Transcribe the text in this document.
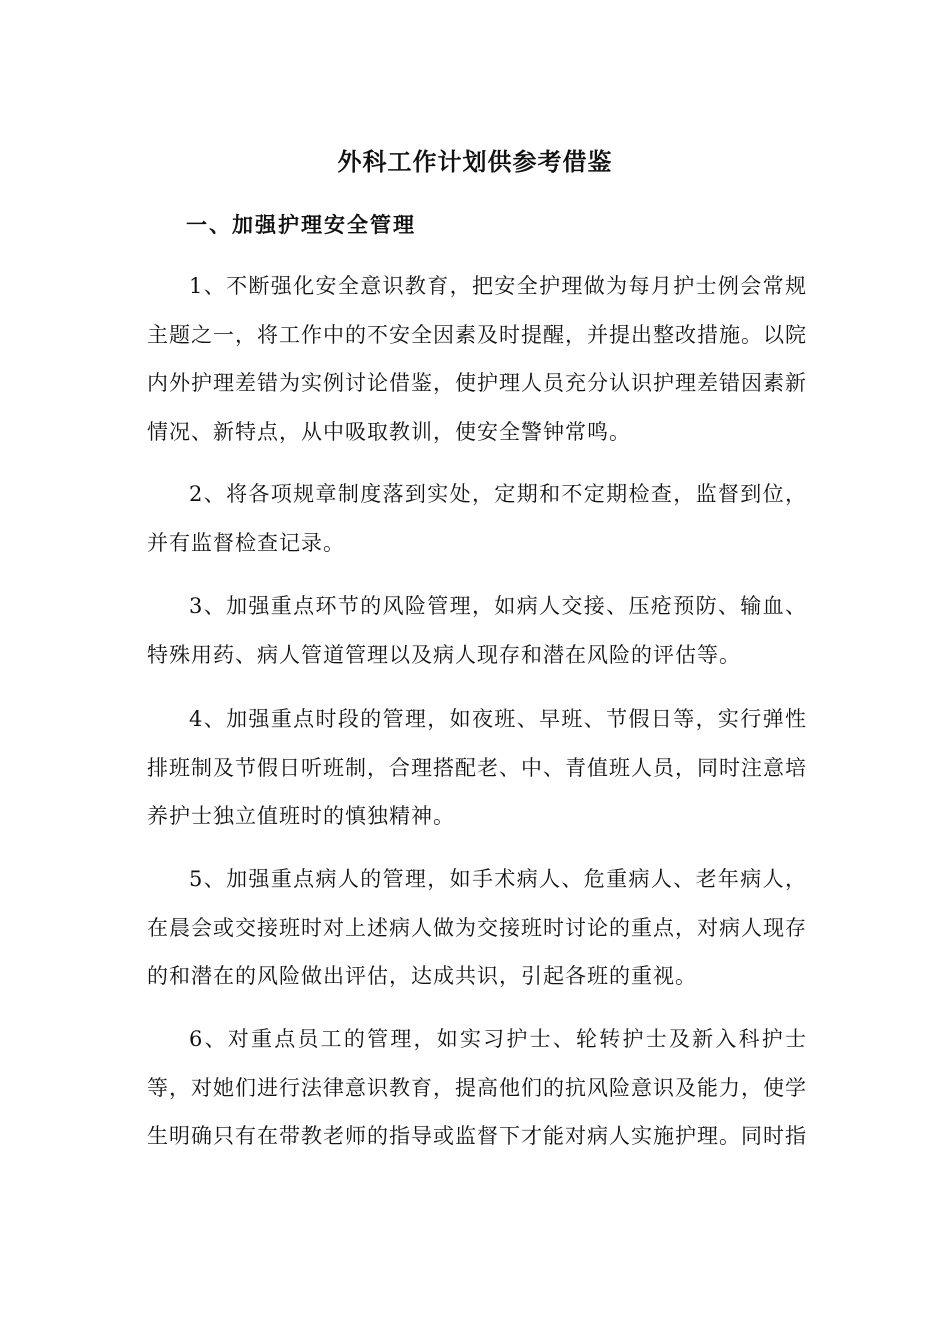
外科工作计划供参考借鉴
一、加强护理安全管理

1、不断强化安全意识教育，把安全护理做为每月护士例会常规主题之一，将工作中的不安全因素及时提醒，并提出整改措施。以院内外护理差错为实例讨论借鉴，使护理人员充分认识护理差错因素新情况、新特点，从中吸取教训，使安全警钟常鸣。

2、将各项规章制度落到实处，定期和不定期检查，监督到位，并有监督检查记录。

3、加强重点环节的风险管理，如病人交接、压疮预防、输血、特殊用药、病人管道管理以及病人现存和潜在风险的评估等。

4、加强重点时段的管理，如夜班、早班、节假日等，实行弹性排班制及节假日听班制，合理搭配老、中、青值班人员，同时注意培养护士独立值班时的慎独精神。

5、加强重点病人的管理，如手术病人、危重病人、老年病人，在晨会或交接班时对上述病人做为交接班时讨论的重点，对病人现存的和潜在的风险做出评估，达成共识，引起各班的重视。

6、对重点员工的管理，如实习护士、轮转护士及新入科护士等，对她们进行法律意识教育，提高他们的抗风险意识及能力，使学生明确只有在带教老师的指导或监督下才能对病人实施护理。同时指
